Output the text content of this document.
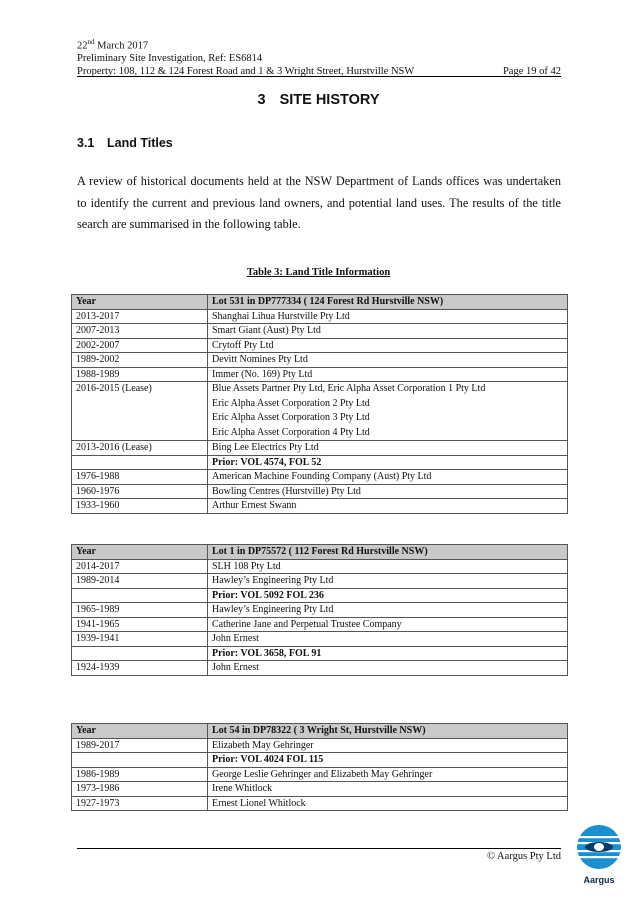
22nd March 2017
Preliminary Site Investigation, Ref: ES6814
Property: 108, 112 & 124 Forest Road and 1 & 3 Wright Street, Hurstville NSW	Page 19 of 42
3 SITE HISTORY
3.1 Land Titles
A review of historical documents held at the NSW Department of Lands offices was undertaken to identify the current and previous land owners, and potential land uses. The results of the title search are summarised in the following table.
Table 3: Land Title Information
Year	Lot 531 in DP777334 ( 124 Forest Rd Hurstville NSW)
2013-2017	Shanghai Lihua Hurstville Pty Ltd
2007-2013	Smart Giant (Aust) Pty Ltd
2002-2007	Crytoff Pty Ltd
1989-2002	Devitt Nomines Pty Ltd
1988-1989	Immer (No. 169) Pty Ltd
2016-2015 (Lease)	Blue Assets Partner Pty Ltd, Eric Alpha Asset Corporation 1 Pty Ltd
Eric Alpha Asset Corporation 2 Pty Ltd
Eric Alpha Asset Corporation 3 Pty Ltd
Eric Alpha Asset Corporation 4 Pty Ltd

2013-2016 (Lease)	Bing Lee Electrics Pty Ltd
	Prior: VOL 4574, FOL 52
1976-1988	American Machine Founding Company (Aust) Pty Ltd
1960-1976	Bowling Centres (Hurstville) Pty Ltd
1933-1960	Arthur Ernest Swann
Year	Lot 1 in DP75572 ( 112 Forest Rd Hurstville NSW)
2014-2017	SLH 108 Pty Ltd
1989-2014	Hawley’s Engineering Pty Ltd
	Prior: VOL 5092 FOL 236
1965-1989	Hawley’s Engineering Pty Ltd
1941-1965	Catherine Jane and Perpetual Trustee Company
1939-1941	John Ernest
	Prior: VOL 3658, FOL 91
1924-1939	John Ernest
Year	Lot 54 in DP78322 ( 3 Wright St, Hurstville NSW)
1989-2017	Elizabeth May Gehringer
	Prior: VOL 4024 FOL 115
1986-1989	George Leslie Gehringer and Elizabeth May Gehringer
1973-1986	Irene Whitlock
1927-1973	Ernest Lionel Whitlock
© Aargus Pty Ltd
Aargus
